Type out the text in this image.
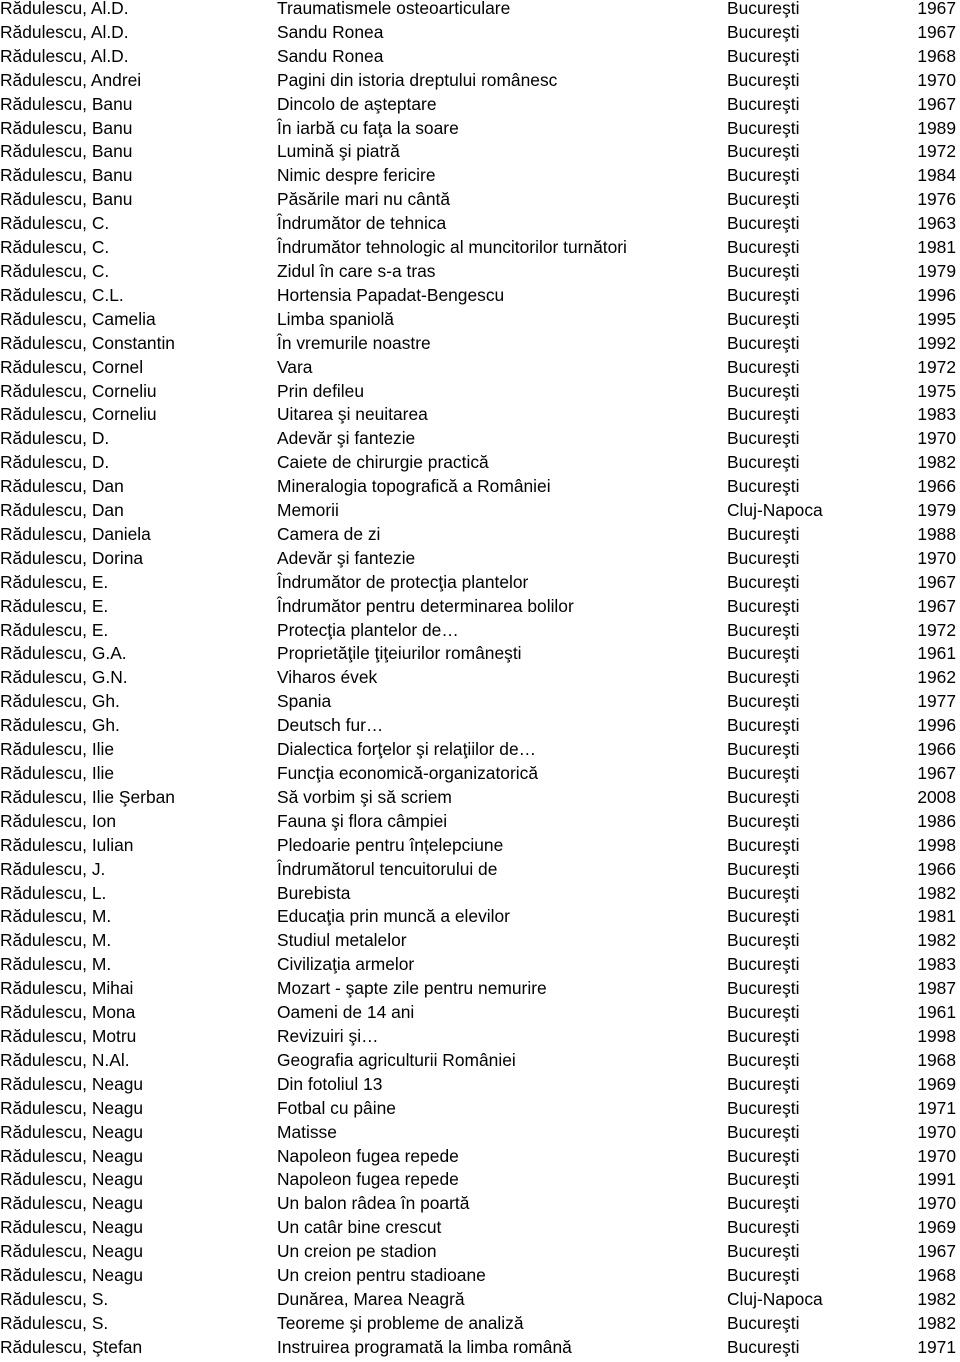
Rădulescu, Al.D.	Traumatismele osteoarticulare	Bucureşti	1967
Rădulescu, Al.D.	Sandu Ronea	Bucureşti	1967
Rădulescu, Al.D.	Sandu Ronea	Bucureşti	1968
Rădulescu, Andrei	Pagini din istoria dreptului românesc	Bucureşti	1970
Rădulescu, Banu	Dincolo de aşteptare	Bucureşti	1967
Rădulescu, Banu	În iarbă cu faţa la soare	Bucureşti	1989
Rădulescu, Banu	Lumină şi piatră	Bucureşti	1972
Rădulescu, Banu	Nimic despre fericire	Bucureşti	1984
Rădulescu, Banu	Păsările mari nu cântă	Bucureşti	1976
Rădulescu, C.	Îndrumător de tehnica	Bucureşti	1963
Rădulescu, C.	Îndrumător tehnologic al muncitorilor turnători	Bucureşti	1981
Rădulescu, C.	Zidul în care s-a tras	Bucureşti	1979
Rădulescu, C.L.	Hortensia Papadat-Bengescu	Bucureşti	1996
Rădulescu, Camelia	Limba spaniolă	Bucureşti	1995
Rădulescu, Constantin	În vremurile noastre	Bucureşti	1992
Rădulescu, Cornel	Vara	Bucureşti	1972
Rădulescu, Corneliu	Prin defileu	Bucureşti	1975
Rădulescu, Corneliu	Uitarea şi neuitarea	Bucureşti	1983
Rădulescu, D.	Adevăr şi fantezie	Bucureşti	1970
Rădulescu, D.	Caiete de chirurgie practică	Bucureşti	1982
Rădulescu, Dan	Mineralogia topografică a României	Bucureşti	1966
Rădulescu, Dan	Memorii	Cluj-Napoca	1979
Rădulescu, Daniela	Camera de zi	Bucureşti	1988
Rădulescu, Dorina	Adevăr şi fantezie	Bucureşti	1970
Rădulescu, E.	Îndrumător de protecţia plantelor	Bucureşti	1967
Rădulescu, E.	Îndrumător pentru determinarea bolilor	Bucureşti	1967
Rădulescu, E.	Protecţia plantelor de…	Bucureşti	1972
Rădulescu, G.A.	Proprietăţile ţiţeiurilor româneşti	Bucureşti	1961
Rădulescu, G.N.	Viharos évek	Bucureşti	1962
Rădulescu, Gh.	Spania	Bucureşti	1977
Rădulescu, Gh.	Deutsch fur…	Bucureşti	1996
Rădulescu, Ilie	Dialectica forţelor şi relaţiilor de…	Bucureşti	1966
Rădulescu, Ilie	Funcţia economică-organizatorică	Bucureşti	1967
Rădulescu, Ilie Şerban	Să vorbim şi să scriem	Bucureşti	2008
Rădulescu, Ion	Fauna şi flora câmpiei	Bucureşti	1986
Rădulescu, Iulian	Pledoarie pentru înțelepciune	Bucureşti	1998
Rădulescu, J.	Îndrumătorul tencuitorului de	Bucureşti	1966
Rădulescu, L.	Burebista	Bucureşti	1982
Rădulescu, M.	Educaţia prin muncă a elevilor	Bucureşti	1981
Rădulescu, M.	Studiul metalelor	Bucureşti	1982
Rădulescu, M.	Civilizaţia armelor	Bucureşti	1983
Rădulescu, Mihai	Mozart - şapte zile pentru nemurire	Bucureşti	1987
Rădulescu, Mona	Oameni de 14 ani	Bucureşti	1961
Rădulescu, Motru	Revizuiri şi…	Bucureşti	1998
Rădulescu, N.Al.	Geografia agriculturii României	Bucureşti	1968
Rădulescu, Neagu	Din fotoliul 13	Bucureşti	1969
Rădulescu, Neagu	Fotbal cu pâine	Bucureşti	1971
Rădulescu, Neagu	Matisse	Bucureşti	1970
Rădulescu, Neagu	Napoleon fugea repede	Bucureşti	1970
Rădulescu, Neagu	Napoleon fugea repede	Bucureşti	1991
Rădulescu, Neagu	Un balon râdea în poartă	Bucureşti	1970
Rădulescu, Neagu	Un catâr bine crescut	Bucureşti	1969
Rădulescu, Neagu	Un creion pe stadion	Bucureşti	1967
Rădulescu, Neagu	Un creion pentru stadioane	Bucureşti	1968
Rădulescu, S.	Dunărea, Marea Neagră	Cluj-Napoca	1982
Rădulescu, S.	Teoreme şi probleme de analiză	Bucureşti	1982
Rădulescu, Ştefan	Instruirea programată la limba română	Bucureşti	1971
